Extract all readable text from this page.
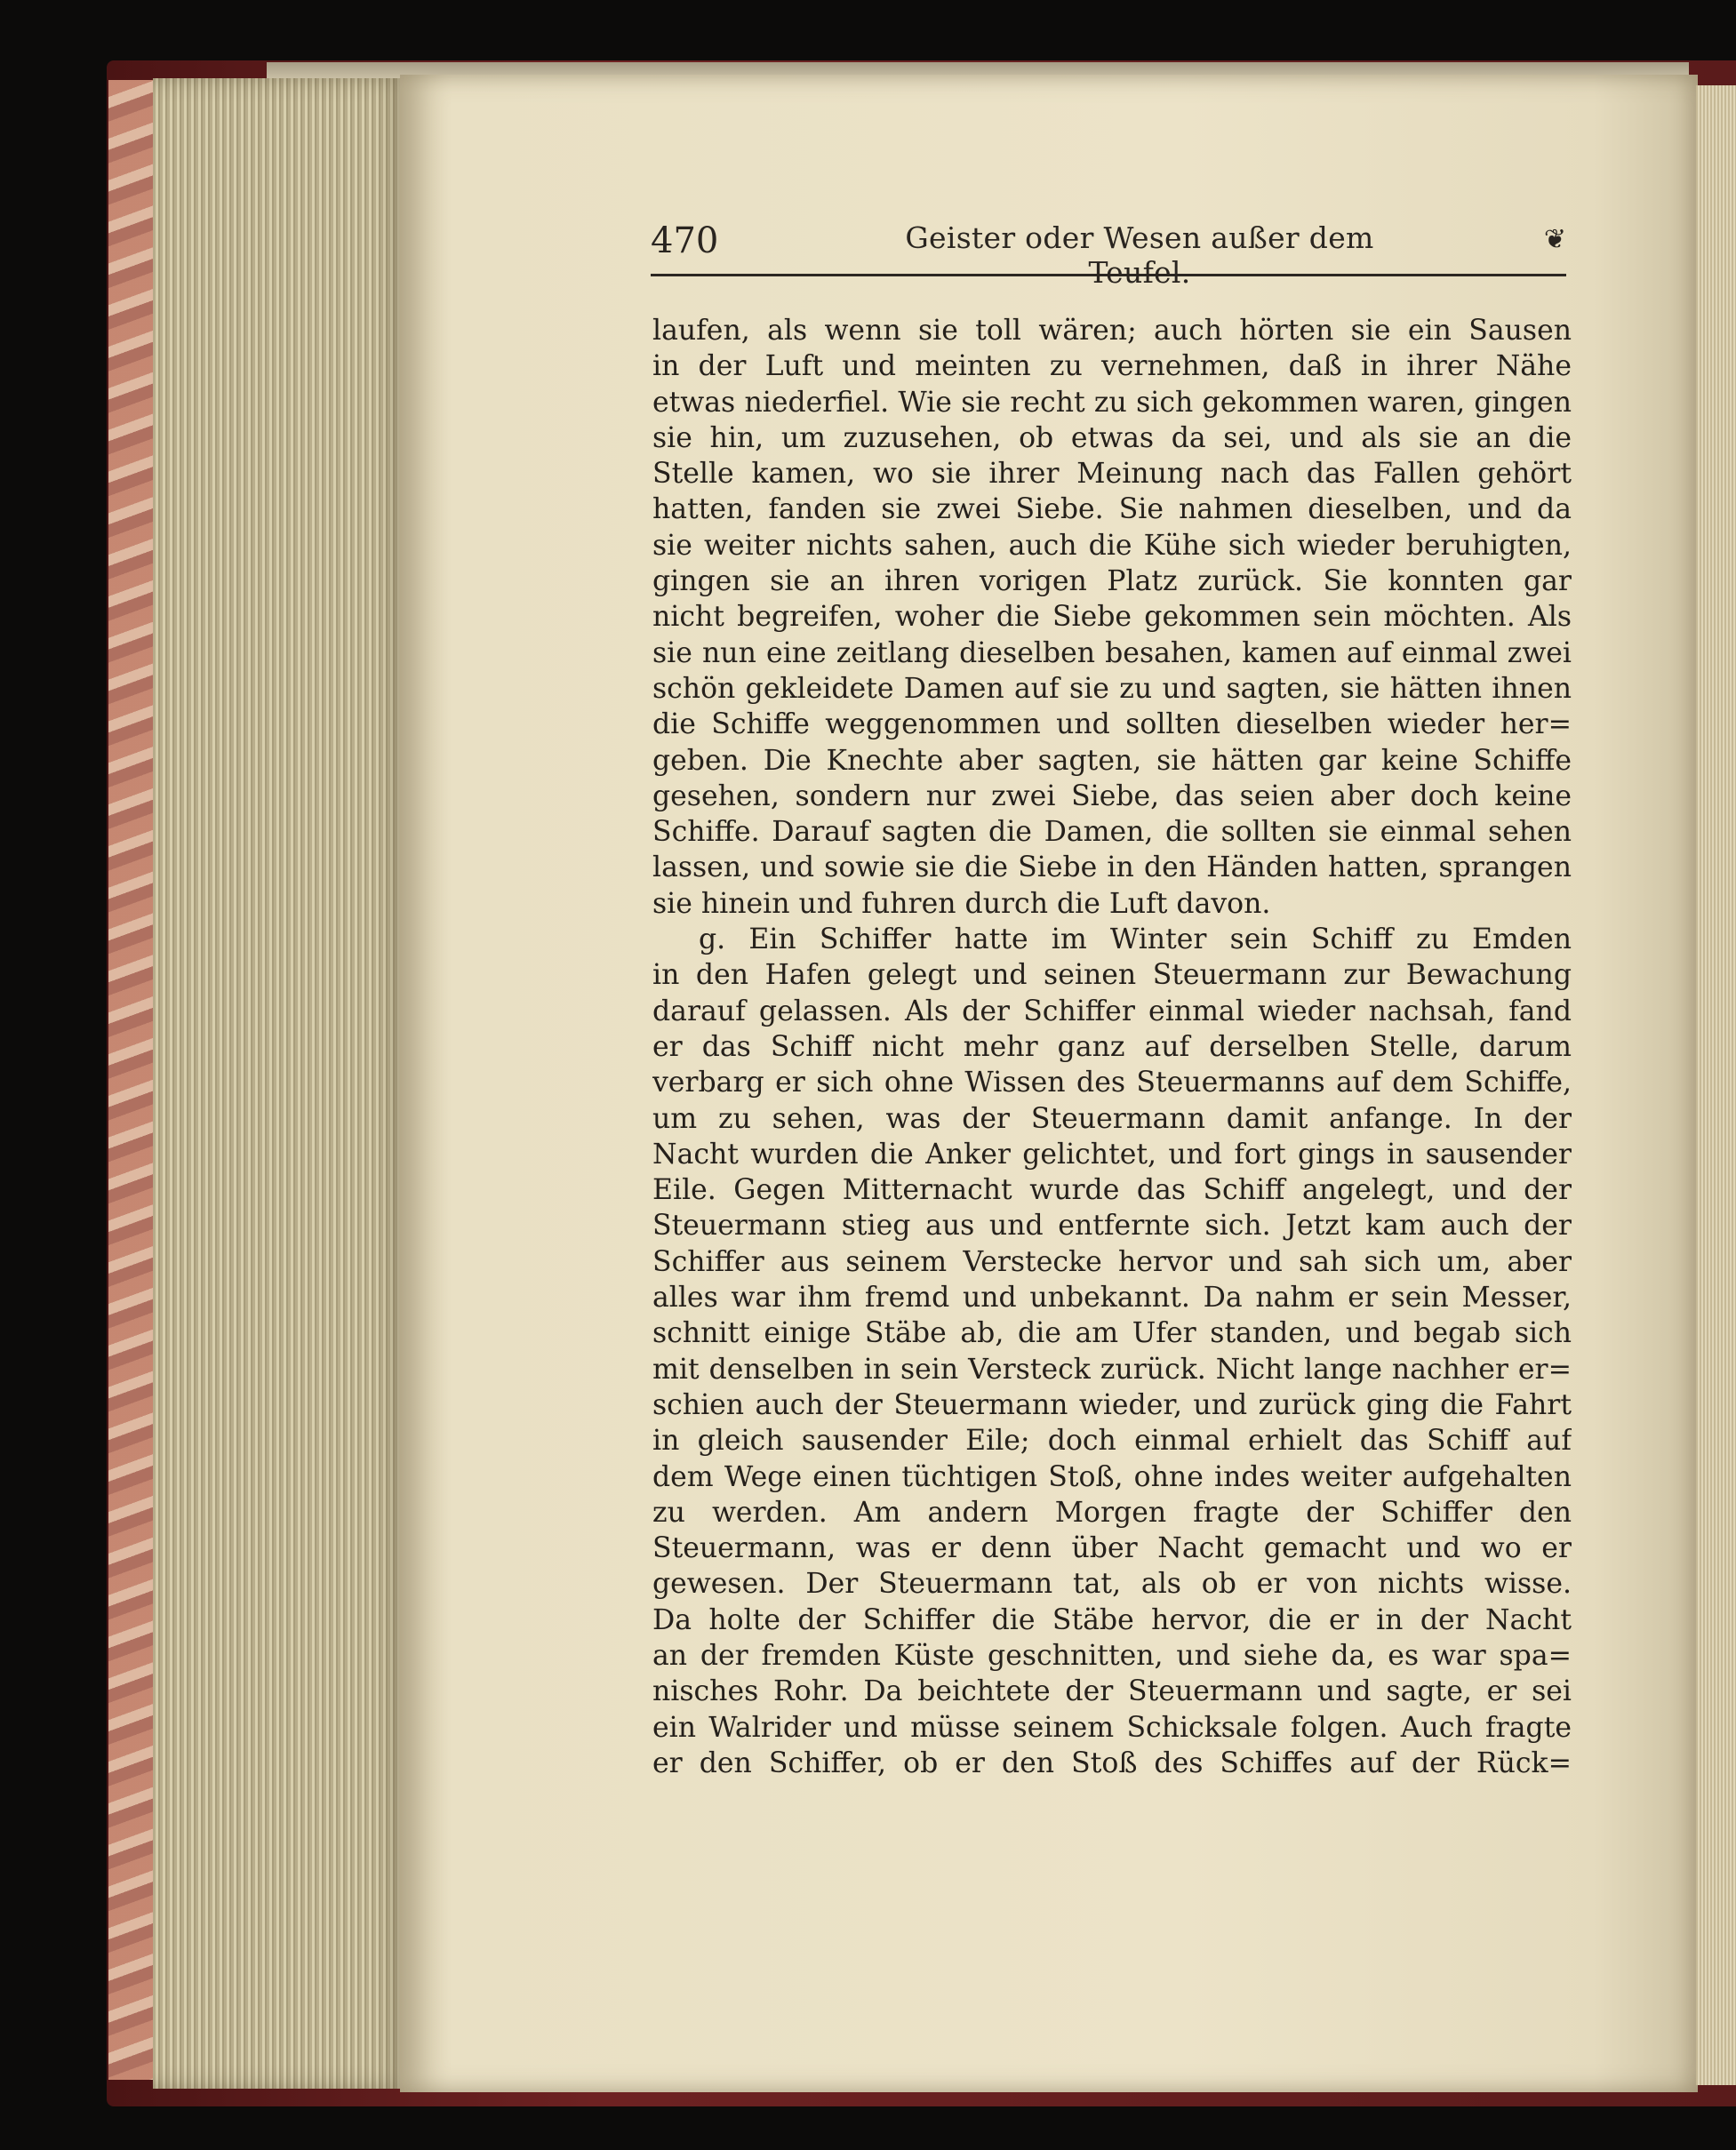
470	Geister oder Wesen außer dem Teufel.
❦
laufen, als wenn sie toll wären; auch hörten sie ein Sausen
in der Luft und meinten zu vernehmen, daß in ihrer Nähe
etwas niederfiel. Wie sie recht zu sich gekommen waren, gingen
sie hin, um zuzusehen, ob etwas da sei, und als sie an die
Stelle kamen, wo sie ihrer Meinung nach das Fallen gehört
hatten, fanden sie zwei Siebe. Sie nahmen dieselben, und da
sie weiter nichts sahen, auch die Kühe sich wieder beruhigten,
gingen sie an ihren vorigen Platz zurück. Sie konnten gar
nicht begreifen, woher die Siebe gekommen sein möchten. Als
sie nun eine zeitlang dieselben besahen, kamen auf einmal zwei
schön gekleidete Damen auf sie zu und sagten, sie hätten ihnen
die Schiffe weggenommen und sollten dieselben wieder her=
geben. Die Knechte aber sagten, sie hätten gar keine Schiffe
gesehen, sondern nur zwei Siebe, das seien aber doch keine
Schiffe. Darauf sagten die Damen, die sollten sie einmal sehen
lassen, und sowie sie die Siebe in den Händen hatten, sprangen
sie hinein und fuhren durch die Luft davon.
g. Ein Schiffer hatte im Winter sein Schiff zu Emden
in den Hafen gelegt und seinen Steuermann zur Bewachung
darauf gelassen. Als der Schiffer einmal wieder nachsah, fand
er das Schiff nicht mehr ganz auf derselben Stelle, darum
verbarg er sich ohne Wissen des Steuermanns auf dem Schiffe,
um zu sehen, was der Steuermann damit anfange. In der
Nacht wurden die Anker gelichtet, und fort gings in sausender
Eile. Gegen Mitternacht wurde das Schiff angelegt, und der
Steuermann stieg aus und entfernte sich. Jetzt kam auch der
Schiffer aus seinem Verstecke hervor und sah sich um, aber
alles war ihm fremd und unbekannt. Da nahm er sein Messer,
schnitt einige Stäbe ab, die am Ufer standen, und begab sich
mit denselben in sein Versteck zurück. Nicht lange nachher er=
schien auch der Steuermann wieder, und zurück ging die Fahrt
in gleich sausender Eile; doch einmal erhielt das Schiff auf
dem Wege einen tüchtigen Stoß, ohne indes weiter aufgehalten
zu werden. Am andern Morgen fragte der Schiffer den
Steuermann, was er denn über Nacht gemacht und wo er
gewesen. Der Steuermann tat, als ob er von nichts wisse.
Da holte der Schiffer die Stäbe hervor, die er in der Nacht
an der fremden Küste geschnitten, und siehe da, es war spa=
nisches Rohr. Da beichtete der Steuermann und sagte, er sei
ein Walrider und müsse seinem Schicksale folgen. Auch fragte
er den Schiffer, ob er den Stoß des Schiffes auf der Rück=
